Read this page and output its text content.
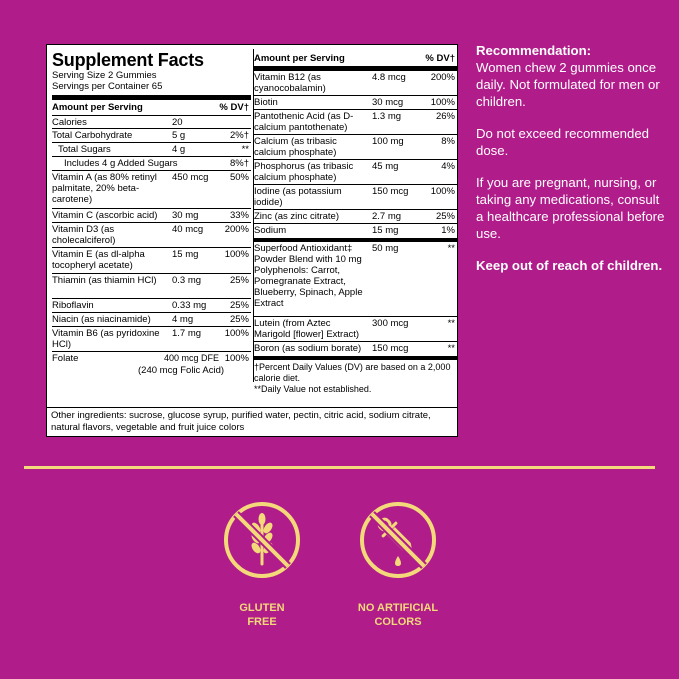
Supplement Facts
Serving Size 2 Gummies
Servings per Container 65
Amount per Serving	% DV†
Calories	20
Total Carbohydrate	5 g	2%†
Total Sugars	4 g	**
Includes 4 g Added Sugars	8%†
Vitamin A (as 80% retinyl palmitate, 20% beta-carotene)
450 mcg 50%
Vitamin C (ascorbic acid)	30 mg	33%
Vitamin D3 (as cholecalciferol)
40 mcg 200%
Vitamin E (as dl-alpha tocopheryl acetate)
15 mg	100%
Thiamin (as thiamin HCl)	0.3 mg	25%
Riboflavin	0.33 mg 25%
Niacin (as niacinamide)	4 mg	25%
Vitamin B6 (as pyridoxine HCl)
1.7 mg 100%
Folate	400 mcg DFE 100%
(240 mcg Folic Acid)
Amount per Serving	% DV†
Vitamin B12 (as cyanocobalamin)
4.8 mcg	200%
Biotin	30 mcg	100%
Pantothenic Acid (as D-calcium pantothenate)
1.3 mg	26%
Calcium (as tribasic calcium phosphate)
100 mg	8%
Phosphorus (as tribasic calcium phosphate)
45 mg	4%
Iodine (as potassium iodide)
150 mcg 100%
Zinc (as zinc citrate)	2.7 mg	25%
Sodium	15 mg	1%
Superfood Antioxidant‡ Powder Blend with 10 mg Polyphenols: Carrot, Pomegranate Extract, Blueberry, Spinach, Apple Extract
50 mg	**
Lutein (from Aztec Marigold [flower] Extract)
300 mcg	**
Boron (as sodium borate)	150 mcg	**
†Percent Daily Values (DV) are based on a 2,000 calorie diet.
**Daily Value not established.
Other ingredients: sucrose, glucose syrup, purified water, pectin, citric acid, sodium citrate, natural flavors, vegetable and fruit juice colors

Recommendation:

Women chew 2 gummies once daily. Not formulated for men or children.

Do not exceed recommended dose.

If you are pregnant, nursing, or taking any medications, consult a healthcare professional before use.

Keep out of reach of children.

GLUTEN
FREE
NO ARTIFICIAL
COLORS
